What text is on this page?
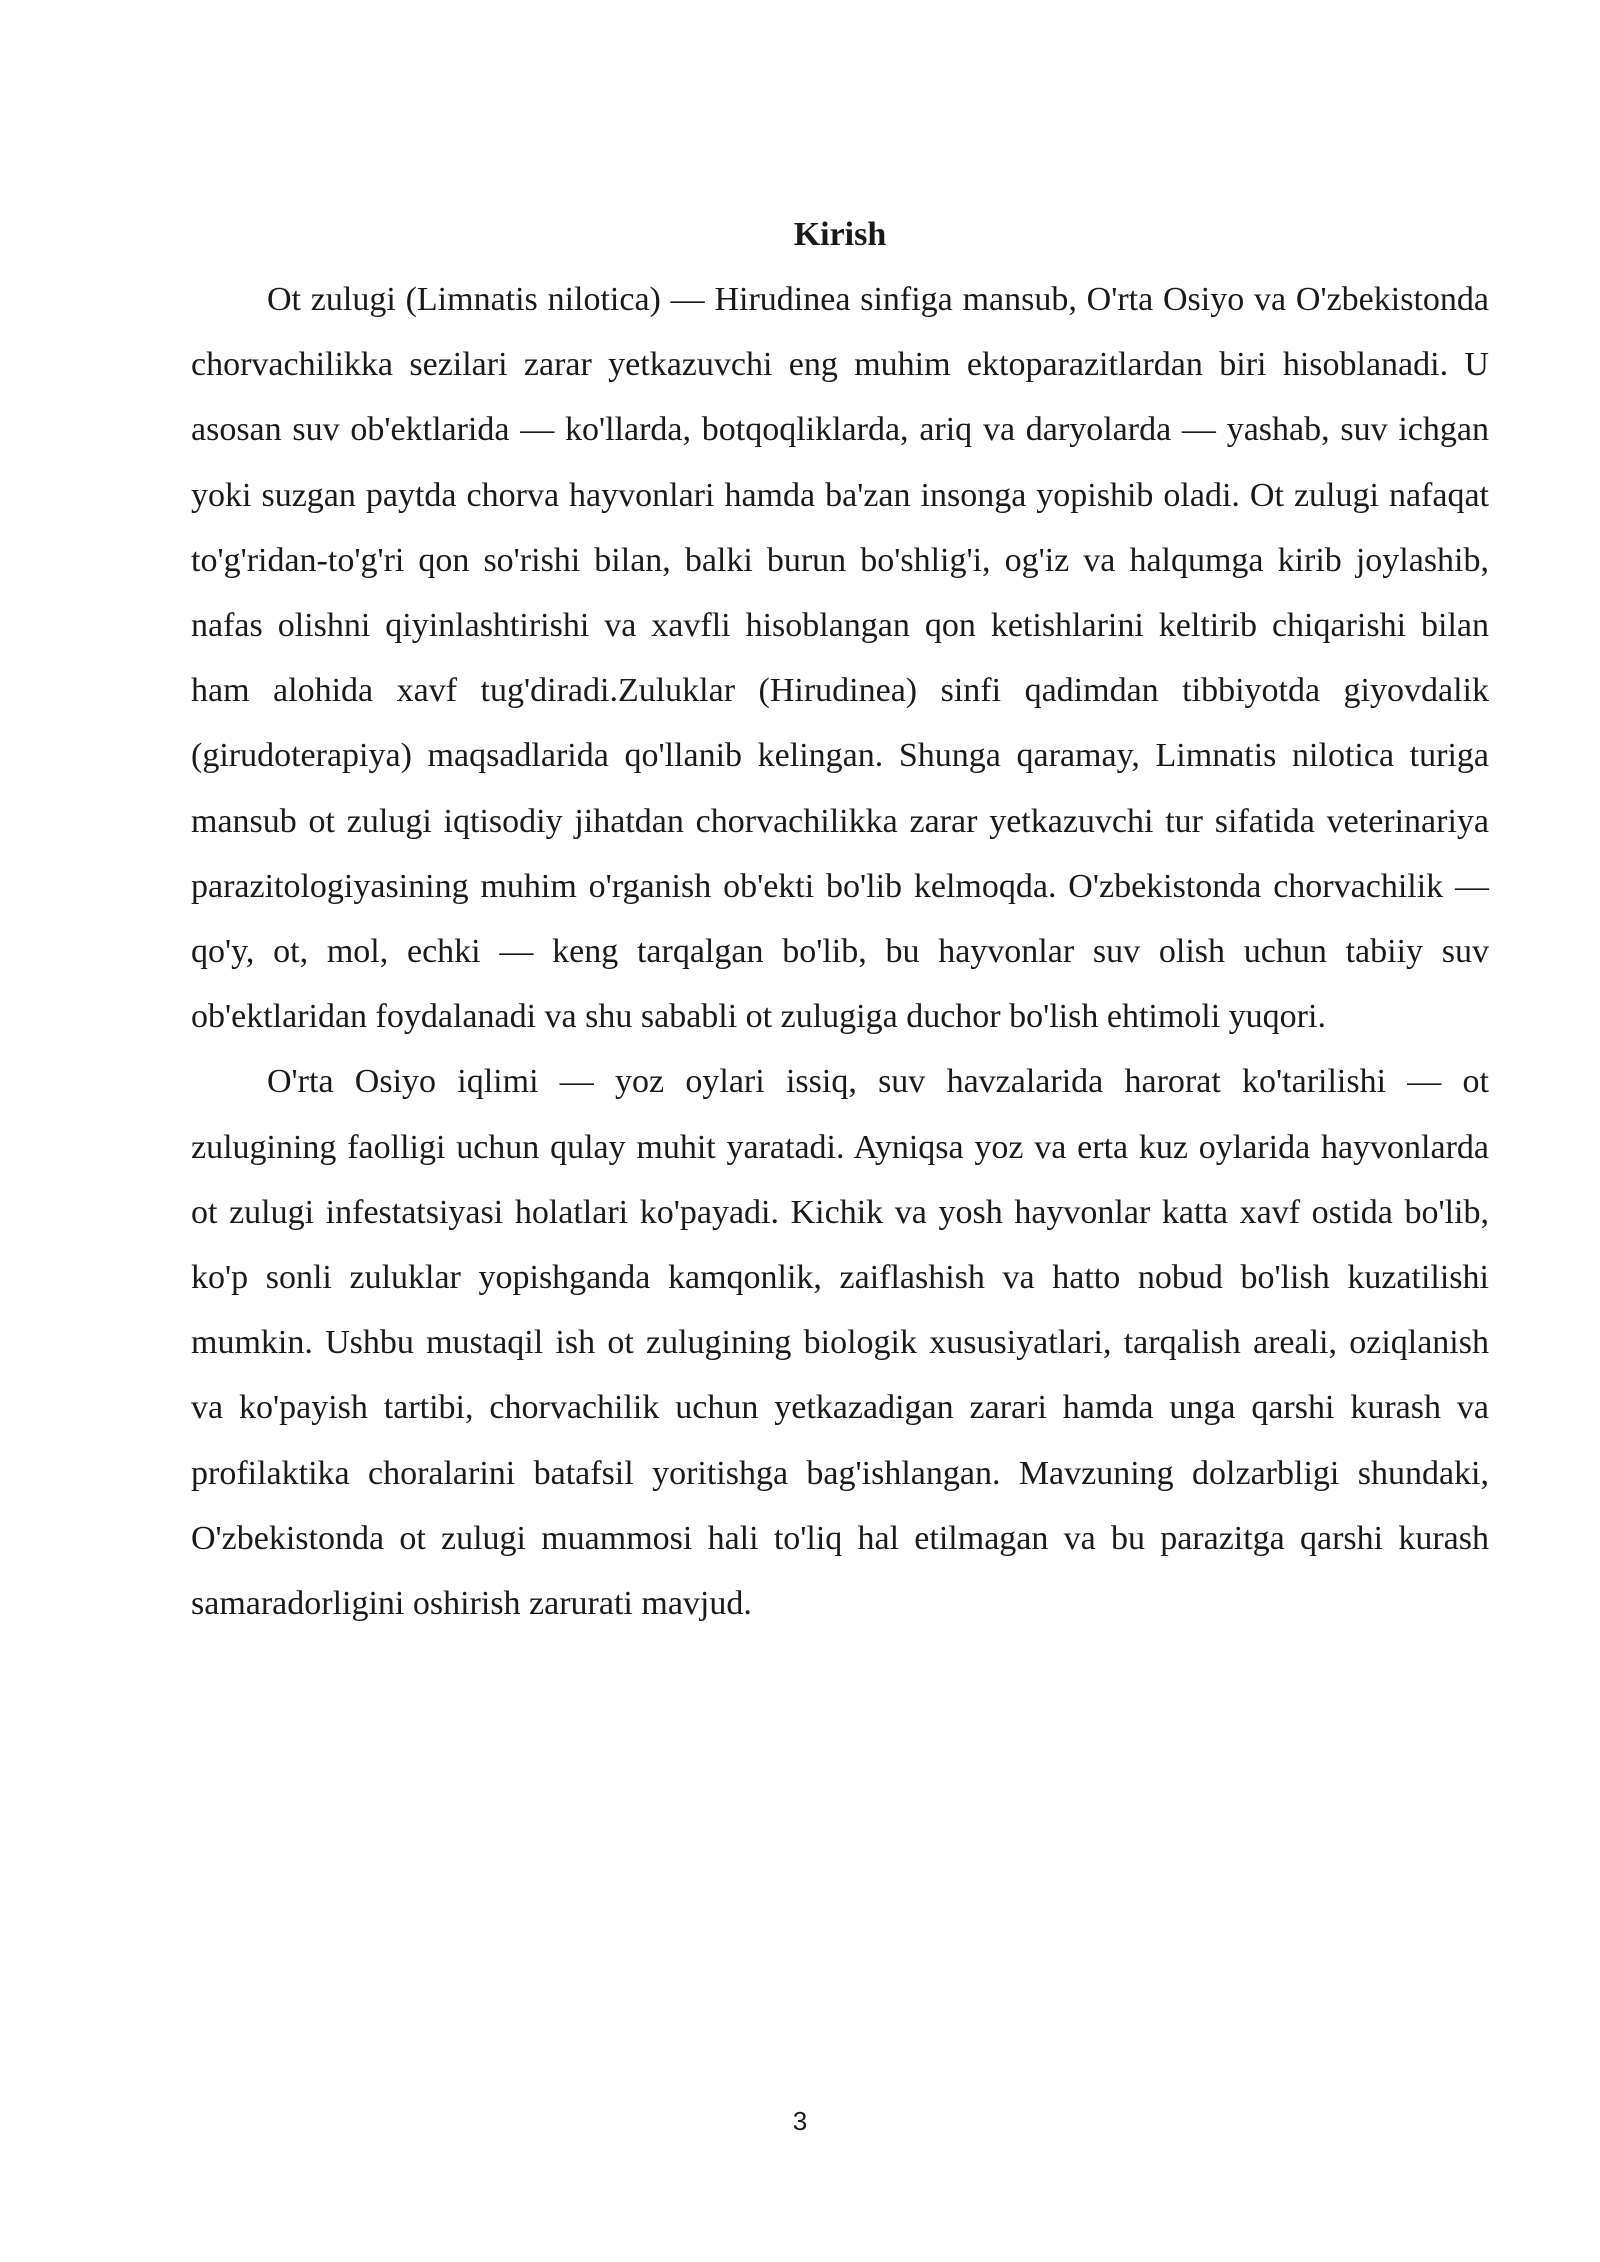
Kirish

Ot zulugi (Limnatis nilotica) — Hirudinea sinfiga mansub, O'rta Osiyo va O'zbekistonda chorvachilikka sezilari zarar yetkazuvchi eng muhim ektoparazitlardan biri hisoblanadi. U asosan suv ob'ektlarida — ko'llarda, botqoqliklarda, ariq va daryolarda — yashab, suv ichgan yoki suzgan paytda chorva hayvonlari hamda ba'zan insonga yopishib oladi. Ot zulugi nafaqat to'g'ridan-to'g'ri qon so'rishi bilan, balki burun bo'shlig'i, og'iz va halqumga kirib joylashib, nafas olishni qiyinlashtirishi va xavfli hisoblangan qon ketishlarini keltirib chiqarishi bilan ham alohida xavf tug'diradi.Zuluklar (Hirudinea) sinfi qadimdan tibbiyotda giyovdalik (girudoterapiya) maqsadlarida qo'llanib kelingan. Shunga qaramay, Limnatis nilotica turiga mansub ot zulugi iqtisodiy jihatdan chorvachilikka zarar yetkazuvchi tur sifatida veterinariya parazitologiyasining muhim o'rganish ob'ekti bo'lib kelmoqda. O'zbekistonda chorvachilik — qo'y, ot, mol, echki — keng tarqalgan bo'lib, bu hayvonlar suv olish uchun tabiiy suv ob'ektlaridan foydalanadi va shu sababli ot zulugiga duchor bo'lish ehtimoli yuqori.

O'rta Osiyo iqlimi — yoz oylari issiq, suv havzalarida harorat ko'tarilishi — ot zulugining faolligi uchun qulay muhit yaratadi. Ayniqsa yoz va erta kuz oylarida hayvonlarda ot zulugi infestatsiyasi holatlari ko'payadi. Kichik va yosh hayvonlar katta xavf ostida bo'lib, ko'p sonli zuluklar yopishganda kamqonlik, zaiflashish va hatto nobud bo'lish kuzatilishi mumkin. Ushbu mustaqil ish ot zulugining biologik xususiyatlari, tarqalish areali, oziqlanish va ko'payish tartibi, chorvachilik uchun yetkazadigan zarari hamda unga qarshi kurash va profilaktika choralarini batafsil yoritishga bag'ishlangan. Mavzuning dolzarbligi shundaki, O'zbekistonda ot zulugi muammosi hali to'liq hal etilmagan va bu parazitga qarshi kurash samaradorligini oshirish zarurati mavjud.

3
